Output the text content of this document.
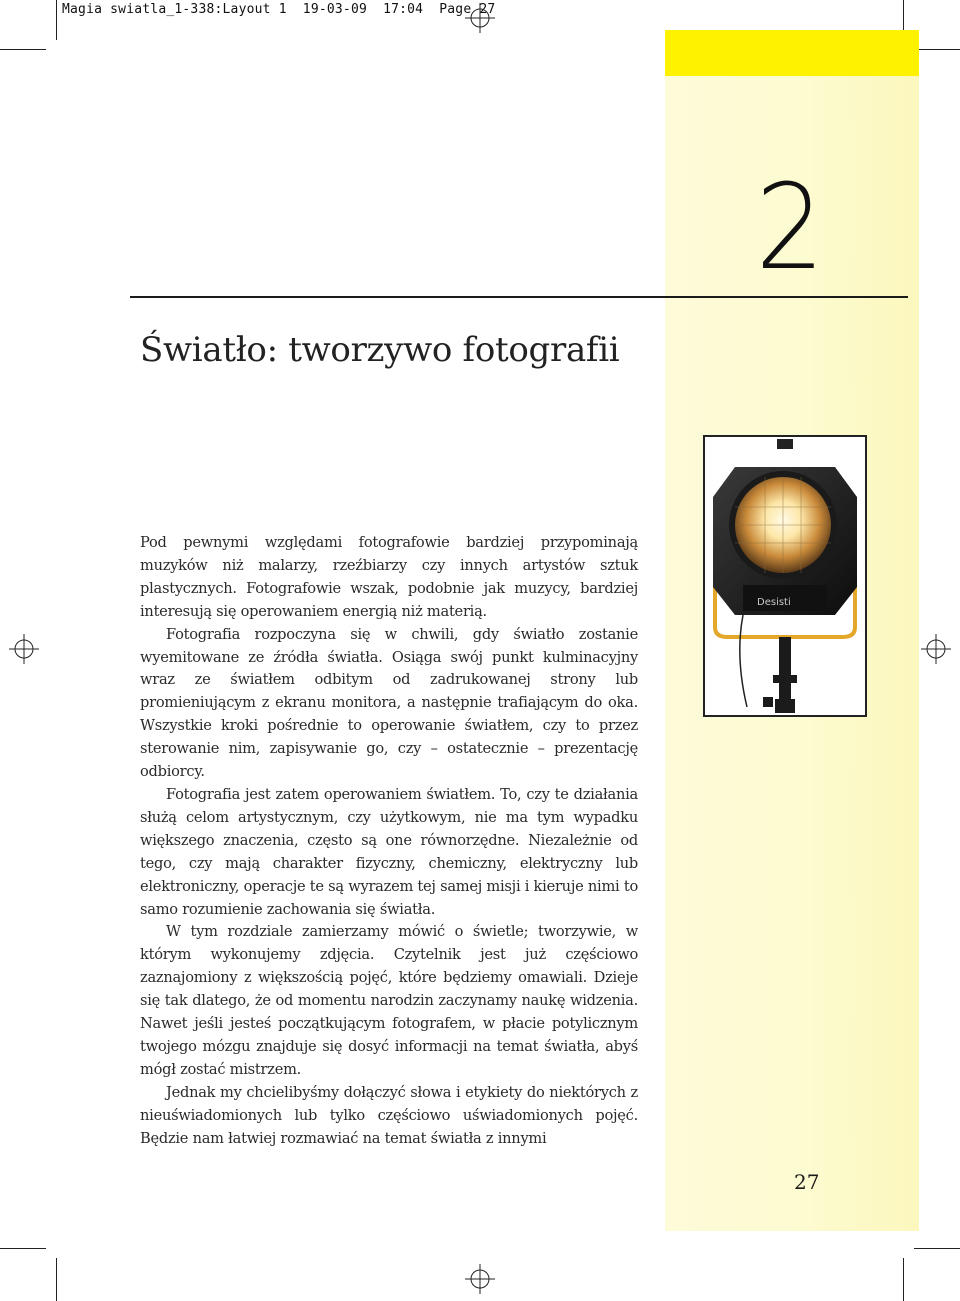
Magia swiatla_1-338:Layout 1  19-03-09  17:04  Page 27
2
Światło: tworzywo fotografii
Desisti

Pod pewnymi względami fotografowie bardziej przypominają muzyków niż malarzy, rzeźbiarzy czy innych artystów sztuk plastycznych. Fotografowie wszak, podobnie jak muzycy, bardziej interesują się operowaniem energią niż materią.

Fotografia rozpoczyna się w chwili, gdy światło zostanie wyemitowane ze źródła światła. Osiąga swój punkt kulminacyjny wraz ze światłem odbitym od zadrukowanej strony lub promieniującym z ekranu monitora, a następnie trafiającym do oka. Wszystkie kroki pośrednie to operowanie światłem, czy to przez sterowanie nim, zapisywanie go, czy – ostatecznie – prezentację odbiorcy.

Fotografia jest zatem operowaniem światłem. To, czy te działania służą celom artystycznym, czy użytkowym, nie ma tym wypadku większego znaczenia, często są one równorzędne. Niezależnie od tego, czy mają charakter fizyczny, chemiczny, elektryczny lub elektroniczny, operacje te są wyrazem tej samej misji i kieruje nimi to samo rozumienie zachowania się światła.

W tym rozdziale zamierzamy mówić o świetle; tworzywie, w którym wykonujemy zdjęcia. Czytelnik jest już częściowo zaznajomiony z większością pojęć, które będziemy omawiali. Dzieje się tak dlatego, że od momentu narodzin zaczynamy naukę widzenia. Nawet jeśli jesteś początkującym fotografem, w płacie potylicznym twojego mózgu znajduje się dosyć informacji na temat światła, abyś mógł zostać mistrzem.

Jednak my chcielibyśmy dołączyć słowa i etykiety do niektórych z nieuświadomionych lub tylko częściowo uświadomionych pojęć. Będzie nam łatwiej rozmawiać na temat światła z innymi

27
